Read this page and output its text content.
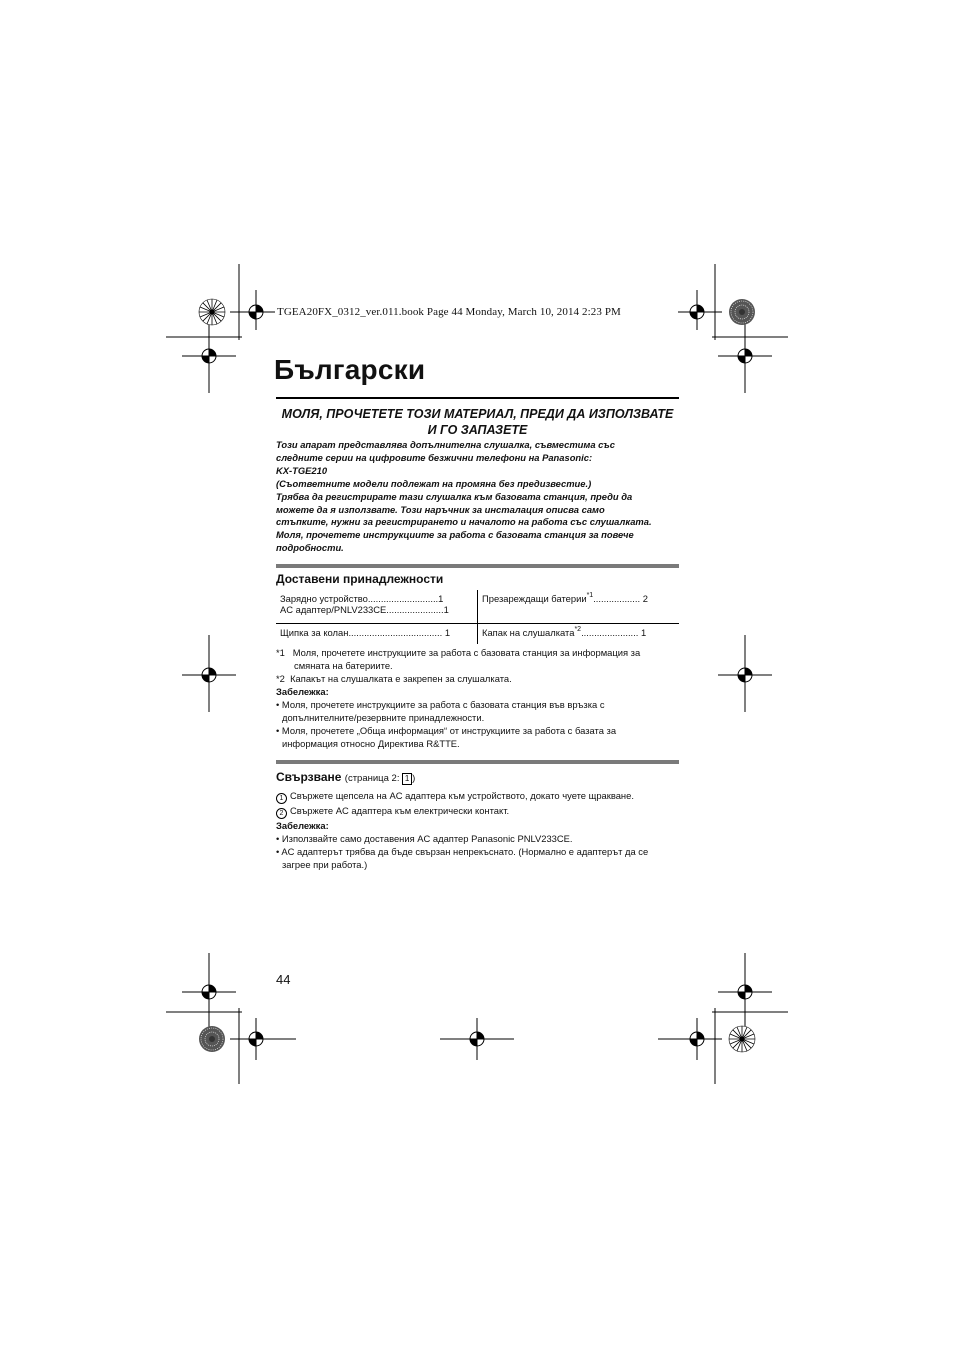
TGEA20FX_0312_ver.011.book Page 44 Monday, March 10, 2014 2:23 PM
Български
МОЛЯ, ПРОЧЕТЕТЕ ТОЗИ МАТЕРИАЛ, ПРЕДИ ДА ИЗПОЛЗВАТЕ
И ГО ЗАПАЗЕТЕ
Този апарат представлява допълнителна слушалка, съвместима със
следните серии на цифровите безжични телефони на Panasonic:
KX-TGE210
(Съответните модели подлежат на промяна без предизвестие.)
Трябва да регистрирате тази слушалка към базовата станция, преди да
можете да я използвате. Този наръчник за инсталация описва само
стъпките, нужни за регистрирането и началото на работа със слушалката.
Моля, прочетете инструкциите за работа с базовата станция за повече
подробности.
Доставени принадлежности
Зарядно устройство...........................1
AC адаптер/PNLV233CE......................1
Презареждащи батерии$^{*1}$.................. 2
Щипка за колан.................................... 1	Капак на слушалката$^{*2}$...................... 1
*1 Моля, прочетете инструкциите за работа с базовата станция за информация за
смяната на батериите.
*2 Капакът на слушалката е закрепен за слушалката.
Забележка:
• Моля, прочетете инструкциите за работа с базовата станция във връзка с
допълнителните/резервните принадлежности.
• Моля, прочетете „Обща информация“ от инструкциите за работа с базата за
информация относно Директива R&TTE.
Свързване (страница 2: 1 )
1 Свържете щепсела на AC адаптера към устройството, докато чуете щракване.
2 Свържете AC адаптера към електрически контакт.
Забележка:
• Използвайте само доставения AC адаптер Panasonic PNLV233CE.
• AC адаптерът трябва да бъде свързан непрекъснато. (Нормално е адаптерът да се
загрее при работа.)
44
